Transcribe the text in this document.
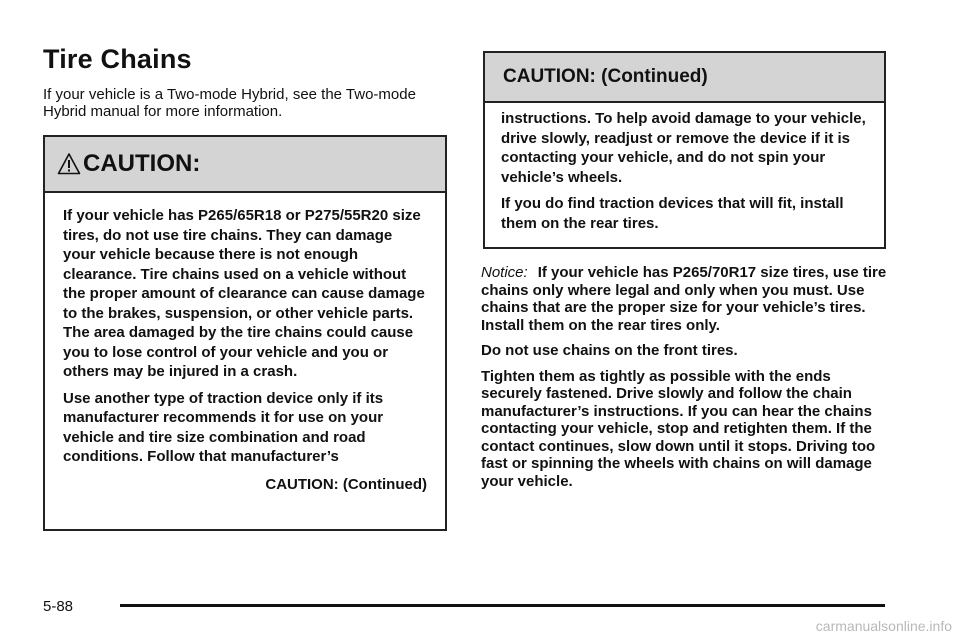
Tire Chains

If your vehicle is a Two-mode Hybrid, see the Two-mode Hybrid manual for more information.

CAUTION:

If your vehicle has P265/65R18 or P275/55R20 size tires, do not use tire chains. They can damage your vehicle because there is not enough clearance. Tire chains used on a vehicle without the proper amount of clearance can cause damage to the brakes, suspension, or other vehicle parts. The area damaged by the tire chains could cause you to lose control of your vehicle and you or others may be injured in a crash.

Use another type of traction device only if its manufacturer recommends it for use on your vehicle and tire size combination and road conditions. Follow that manufacturer’s

CAUTION: (Continued)
CAUTION: (Continued)

instructions. To help avoid damage to your vehicle, drive slowly, readjust or remove the device if it is contacting your vehicle, and do not spin your vehicle’s wheels.

If you do find traction devices that will fit, install them on the rear tires.

Notice: If your vehicle has P265/70R17 size tires, use tire chains only where legal and only when you must. Use chains that are the proper size for your vehicle’s tires. Install them on the rear tires only.

Do not use chains on the front tires.

Tighten them as tightly as possible with the ends securely fastened. Drive slowly and follow the chain manufacturer’s instructions. If you can hear the chains contacting your vehicle, stop and retighten them. If the contact continues, slow down until it stops. Driving too fast or spinning the wheels with chains on will damage your vehicle.

5-88
carmanualsonline.info
